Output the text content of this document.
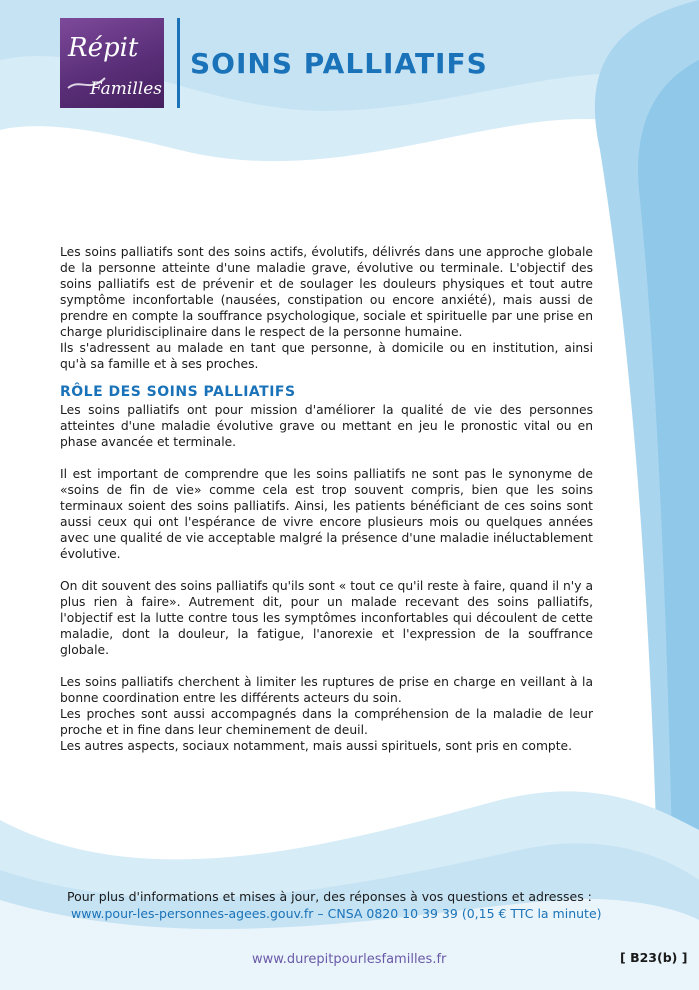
Répit
Familles
SOINS PALLIATIFS

Les soins palliatifs sont des soins actifs, évolutifs, délivrés dans une approche globale de la personne atteinte d'une maladie grave, évolutive ou terminale. L'objectif des soins palliatifs est de prévenir et de soulager les douleurs physiques et tout autre symptôme inconfortable (nausées, constipation ou encore anxiété), mais aussi de prendre en compte la souffrance psychologique, sociale et spirituelle par une prise en charge pluridisciplinaire dans le respect de la personne humaine.

Ils s'adressent au malade en tant que personne, à domicile ou en institution, ainsi qu'à sa famille et à ses proches.

RÔLE DES SOINS PALLIATIFS

Les soins palliatifs ont pour mission d'améliorer la qualité de vie des personnes atteintes d'une maladie évolutive grave ou mettant en jeu le pronostic vital ou en phase avancée et terminale.

Il est important de comprendre que les soins palliatifs ne sont pas le synonyme de «soins de fin de vie» comme cela est trop souvent compris, bien que les soins terminaux soient des soins palliatifs. Ainsi, les patients bénéficiant de ces soins sont aussi ceux qui ont l'espérance de vivre encore plusieurs mois ou quelques années avec une qualité de vie acceptable malgré la présence d'une maladie inéluctablement évolutive.

On dit souvent des soins palliatifs qu'ils sont « tout ce qu'il reste à faire, quand il n'y a plus rien à faire». Autrement dit, pour un malade recevant des soins palliatifs, l'objectif est la lutte contre tous les symptômes inconfortables qui découlent de cette maladie, dont la douleur, la fatigue, l'anorexie et l'expression de la souffrance globale.

Les soins palliatifs cherchent à limiter les ruptures de prise en charge en veillant à la bonne coordination entre les différents acteurs du soin.

Les proches sont aussi accompagnés dans la compréhension de la maladie de leur proche et in fine dans leur cheminement de deuil.

Les autres aspects, sociaux notamment, mais aussi spirituels, sont pris en compte.

Pour plus d'informations et mises à jour, des réponses à vos questions et adresses :
www.pour-les-personnes-agees.gouv.fr – CNSA 0820 10 39 39 (0,15 € TTC la minute)
www.durepitpourlesfamilles.fr	[ B23(b) ]
